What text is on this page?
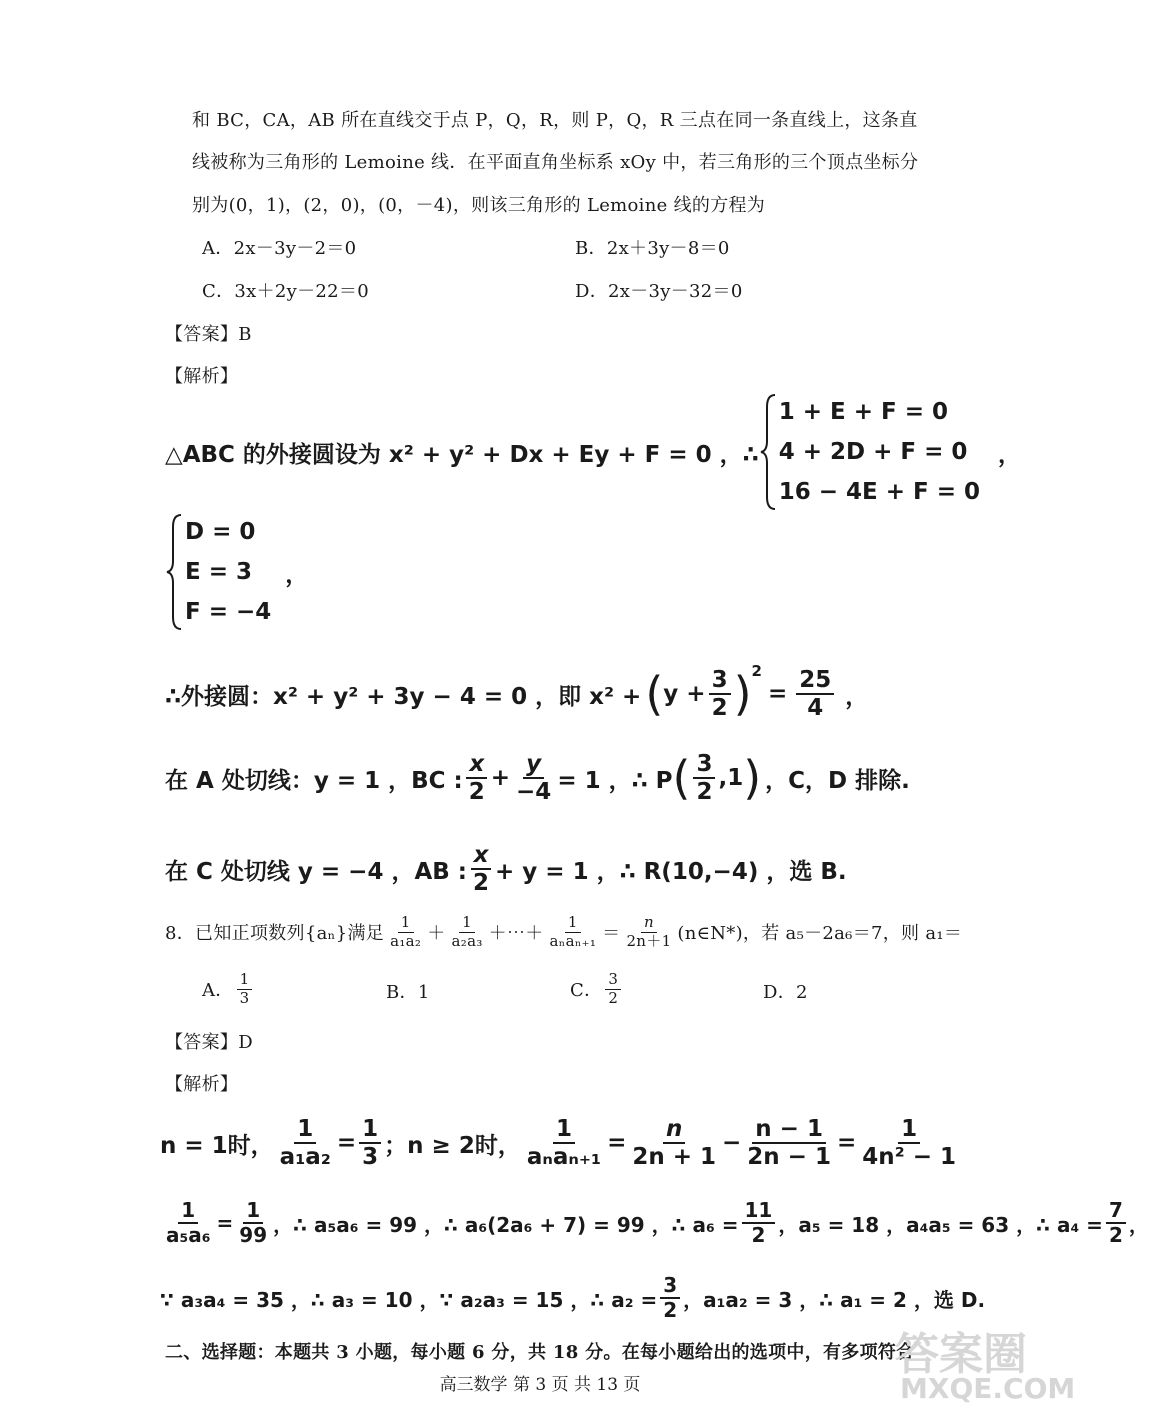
和 BC，CA，AB 所在直线交于点 P，Q，R，则 P，Q，R 三点在同一条直线上，这条直
线被称为三角形的 Lemoine 线．在平面直角坐标系 xOy 中，若三角形的三个顶点坐标分
别为(0，1)，(2，0)，(0，－4)，则该三角形的 Lemoine 线的方程为
A．2x－3y－2＝0	B．2x＋3y－8＝0
C．3x＋2y－22＝0	D．2x－3y－32＝0
【答案】B
【解析】
△ABC 的外接圆设为 x² + y² + Dx + Ey + F = 0 ，∴
1 + E + F = 0
4 + 2D + F = 0
16 − 4E + F = 0
，
D = 0
E = 3
F = −4
，
∴外接圆：x² + y² + 3y − 4 = 0 ，即 x² + ( $y + \frac{3}{2}$ ) 2
= $\frac{25}{4}$ ，
在 A 处切线：y = 1 ，BC : $\frac{x}{2} + \frac{y}{-4} = 1$ ，∴ P ( $\frac{3}{2} ,1$ ) ，C，D 排除.
在 C 处切线 y = −4 ，AB : $\frac{x}{2} + y = 1$ ，∴ R(10,−4) ，选 B.
8．已知正项数列{aₙ}满足 $\frac{1}{\text{a₁a₂}} + \frac{1}{\text{a₂a₃}}$ ＋⋯＋ $\frac{1}{\text{aₙaₙ₊₁}} = \frac{n}{2n+1}$ (n∈N*)，若 a₅－2a₆＝7，则 a₁＝
A． $\frac{1}{3}$	B．1	C． $\frac{3}{2}$	D．2
【答案】D
【解析】
n = 1时， $\frac{1}{\text{a₁a₂}} = \frac{1}{3}$ ；n ≥ 2时， $\frac{1}{\text{aₙaₙ₊₁}} = \frac{n}{2n + 1} - \frac{n - 1}{2n - 1} = \frac{1}{\text{4n² − 1}}$
$\frac{1}{\text{a₅a₆}} = \frac{1}{99}$ ，∴ a₅a₆ = 99 ，∴ a₆(2a₆ + 7) = 99 ，∴ $a_6 = \frac{11}{2}$ ，a₅ = 18 ，a₄a₅ = 63 ，∴ $a_4 = \frac{7}{2}$ ，
∵ a₃a₄ = 35 ，∴ a₃ = 10 ，∵ a₂a₃ = 15 ，∴ $a_2 = \frac{3}{2}$ ，a₁a₂ = 3 ，∴ a₁ = 2 ，选 D.
二、选择题：本题共 3 小题，每小题 6 分，共 18 分。在每小题给出的选项中，有多项符合
高三数学 第 3 页 共 13 页
答案圈
MXQE.COM
